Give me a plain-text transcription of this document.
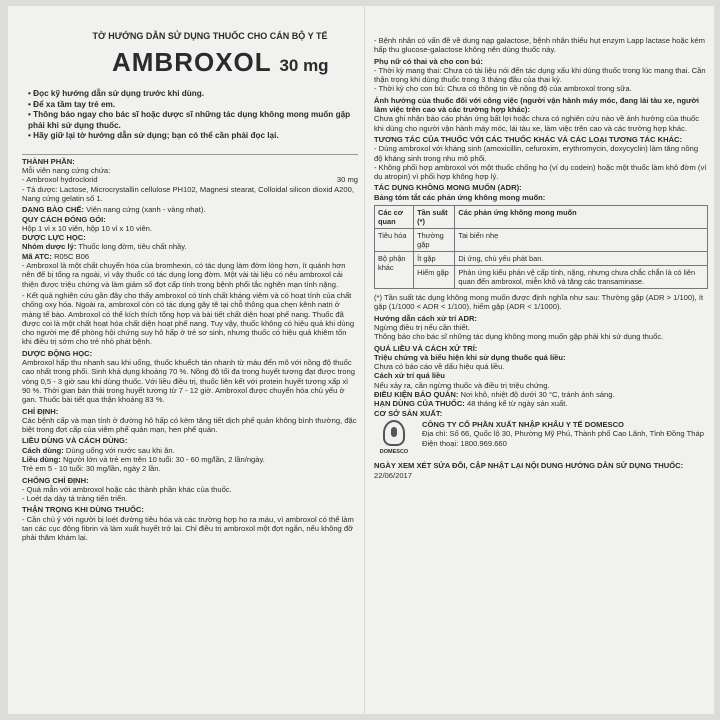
TỜ HƯỚNG DẪN SỬ DỤNG THUỐC CHO CÁN BỘ Y TẾ
AMBROXOL 30 mg
• Đọc kỹ hướng dẫn sử dụng trước khi dùng.
• Để xa tầm tay trẻ em.
• Thông báo ngay cho bác sĩ hoặc dược sĩ những tác dụng không mong muốn gặp phải khi sử dụng thuốc.
• Hãy giữ lại tờ hướng dẫn sử dụng; bạn có thể cần phải đọc lại.

THÀNH PHẦN:

Mỗi viên nang cứng chứa:

- Ambroxol hydroclorid	30 mg

- Tá dược: Lactose, Microcrystallin cellulose PH102, Magnesi stearat, Colloidal silicon dioxid A200, Nang cứng gelatin số 1.

DẠNG BÀO CHẾ: Viên nang cứng (xanh - vàng nhạt).

QUY CÁCH ĐÓNG GÓI:

Hộp 1 vỉ x 10 viên, hộp 10 vỉ x 10 viên.

DƯỢC LỰC HỌC:

Nhóm dược lý: Thuốc long đờm, tiêu chất nhầy.

Mã ATC: R05C B06

- Ambroxol là một chất chuyển hóa của bromhexin, có tác dụng làm đờm lỏng hơn, ít quánh hơn nên để bị tống ra ngoài, vì vậy thuốc có tác dụng long đờm. Một vài tài liệu có nêu ambroxol cải thiện được triệu chứng và làm giảm số đợt cấp tính trong bệnh phổi tắc nghẽn mạn tính nặng.

- Kết quả nghiên cứu gần đây cho thấy ambroxol có tính chất kháng viêm và có hoạt tính của chất chống oxy hóa. Ngoài ra, ambroxol còn có tác dụng gây tê tại chỗ thông qua chẹn kênh natri ở màng tế bào. Ambroxol có thể kích thích tổng hợp và bài tiết chất diện hoạt phế nang. Thuốc đã được coi là một chất hoạt hóa chất diện hoạt phế nang. Tuy vậy, thuốc không có hiệu quả khi dùng cho người mẹ để phòng hội chứng suy hô hấp ở trẻ sơ sinh, nhưng thuốc có hiệu quả khiêm tốn khi điều trị sớm cho trẻ nhỏ phát bệnh.

DƯỢC ĐỘNG HỌC:

Ambroxol hấp thu nhanh sau khi uống, thuốc khuếch tán nhanh từ máu đến mô với nồng độ thuốc cao nhất trong phổi. Sinh khả dụng khoảng 70 %. Nồng độ tối đa trong huyết tương đạt được trong vòng 0,5 - 3 giờ sau khi dùng thuốc. Với liều điều trị, thuốc liên kết với protein huyết tương xấp xỉ 90 %. Thời gian bán thải trong huyết tương từ 7 - 12 giờ. Ambroxol được chuyển hóa chủ yếu ở gan. Thuốc bài tiết qua thận khoảng 83 %.

CHỈ ĐỊNH:

Các bệnh cấp và mạn tính ở đường hô hấp có kèm tăng tiết dịch phế quản không bình thường, đặc biệt trong đợt cấp của viêm phế quản mạn, hen phế quản.

LIỀU DÙNG VÀ CÁCH DÙNG:

Cách dùng: Dùng uống với nước sau khi ăn.

Liều dùng: Người lớn và trẻ em trên 10 tuổi: 30 - 60 mg/lần, 2 lần/ngày.

Trẻ em 5 - 10 tuổi: 30 mg/lần, ngày 2 lần.

CHỐNG CHỈ ĐỊNH:

- Quá mẫn với ambroxol hoặc các thành phần khác của thuốc.

- Loét dạ dày tá tràng tiến triển.

THẬN TRỌNG KHI DÙNG THUỐC:

- Cần chú ý với người bị loét đường tiêu hóa và các trường hợp ho ra máu, vì ambroxol có thể làm tan các cục đông fibrin và làm xuất huyết trở lại. Chỉ điều trị ambroxol một đợt ngắn, nếu không đỡ phải thăm khám lại.

- Bệnh nhân có vấn đề về dung nạp galactose, bệnh nhân thiếu hụt enzym Lapp lactase hoặc kém hấp thu glucose-galactose không nên dùng thuốc này.

Phụ nữ có thai và cho con bú:

- Thời kỳ mang thai: Chưa có tài liệu nói đến tác dụng xấu khi dùng thuốc trong lúc mang thai. Cần thận trọng khi dùng thuốc trong 3 tháng đầu của thai kỳ.

- Thời kỳ cho con bú: Chưa có thông tin về nồng độ của ambroxol trong sữa.

Ảnh hưởng của thuốc đối với công việc (người vận hành máy móc, đang lái tàu xe, người làm việc trên cao và các trường hợp khác):

Chưa ghi nhận báo cáo phản ứng bất lợi hoặc chưa có nghiên cứu nào về ảnh hưởng của thuốc khi dùng cho người vận hành máy móc, lái tàu xe, làm việc trên cao và các trường hợp khác.

TƯƠNG TÁC CỦA THUỐC VỚI CÁC THUỐC KHÁC VÀ CÁC LOẠI TƯƠNG TÁC KHÁC:

- Dùng ambroxol với kháng sinh (amoxicillin, cefuroxim, erythromycin, doxycyclin) làm tăng nồng độ kháng sinh trong nhu mô phổi.

- Không phối hợp ambroxol với một thuốc chống ho (ví dụ codein) hoặc một thuốc làm khô đờm (ví dụ atropin) vì phối hợp không hợp lý.

TÁC DỤNG KHÔNG MONG MUỐN (ADR):

Bảng tóm tắt các phản ứng không mong muốn:

Các cơ quan	Tần suất (*)	Các phản ứng không mong muốn
Tiêu hóa	Thường gặp	Tai biến nhẹ
Bộ phận khác	Ít gặp	Dị ứng, chủ yếu phát ban.
	Hiếm gặp	Phản ứng kiểu phản vệ cấp tính, nặng, nhưng chưa chắc chắn là có liên quan đến ambroxol, miễn khô và tăng các transaminase.

(*) Tần suất tác dụng không mong muốn được định nghĩa như sau: Thường gặp (ADR > 1/100), ít gặp (1/1000 < ADR < 1/100), hiếm gặp (ADR < 1/1000).

Hướng dẫn cách xử trí ADR:

Ngừng điều trị nếu cần thiết.

Thông báo cho bác sĩ những tác dụng không mong muốn gặp phải khi sử dụng thuốc.

QUÁ LIỀU VÀ CÁCH XỬ TRÍ:

Triệu chứng và biểu hiện khi sử dụng thuốc quá liều:

Chưa có báo cáo về dấu hiệu quá liều.

Cách xử trí quá liều

Nếu xảy ra, cần ngừng thuốc và điều trị triệu chứng.

ĐIỀU KIỆN BẢO QUẢN: Nơi khô, nhiệt độ dưới 30 °C, tránh ánh sáng.

HẠN DÙNG CỦA THUỐC: 48 tháng kể từ ngày sản xuất.

CƠ SỞ SẢN XUẤT:

DOMESCO

CÔNG TY CỔ PHẦN XUẤT NHẬP KHẨU Y TẾ DOMESCO

Địa chỉ: Số 66, Quốc lộ 30, Phường Mỹ Phú, Thành phố Cao Lãnh, Tỉnh Đồng Tháp

Điện thoại: 1800.969.660

NGÀY XEM XÉT SỬA ĐỔI, CẬP NHẬT LẠI NỘI DUNG HƯỚNG DẪN SỬ DỤNG THUỐC: 22/06/2017
